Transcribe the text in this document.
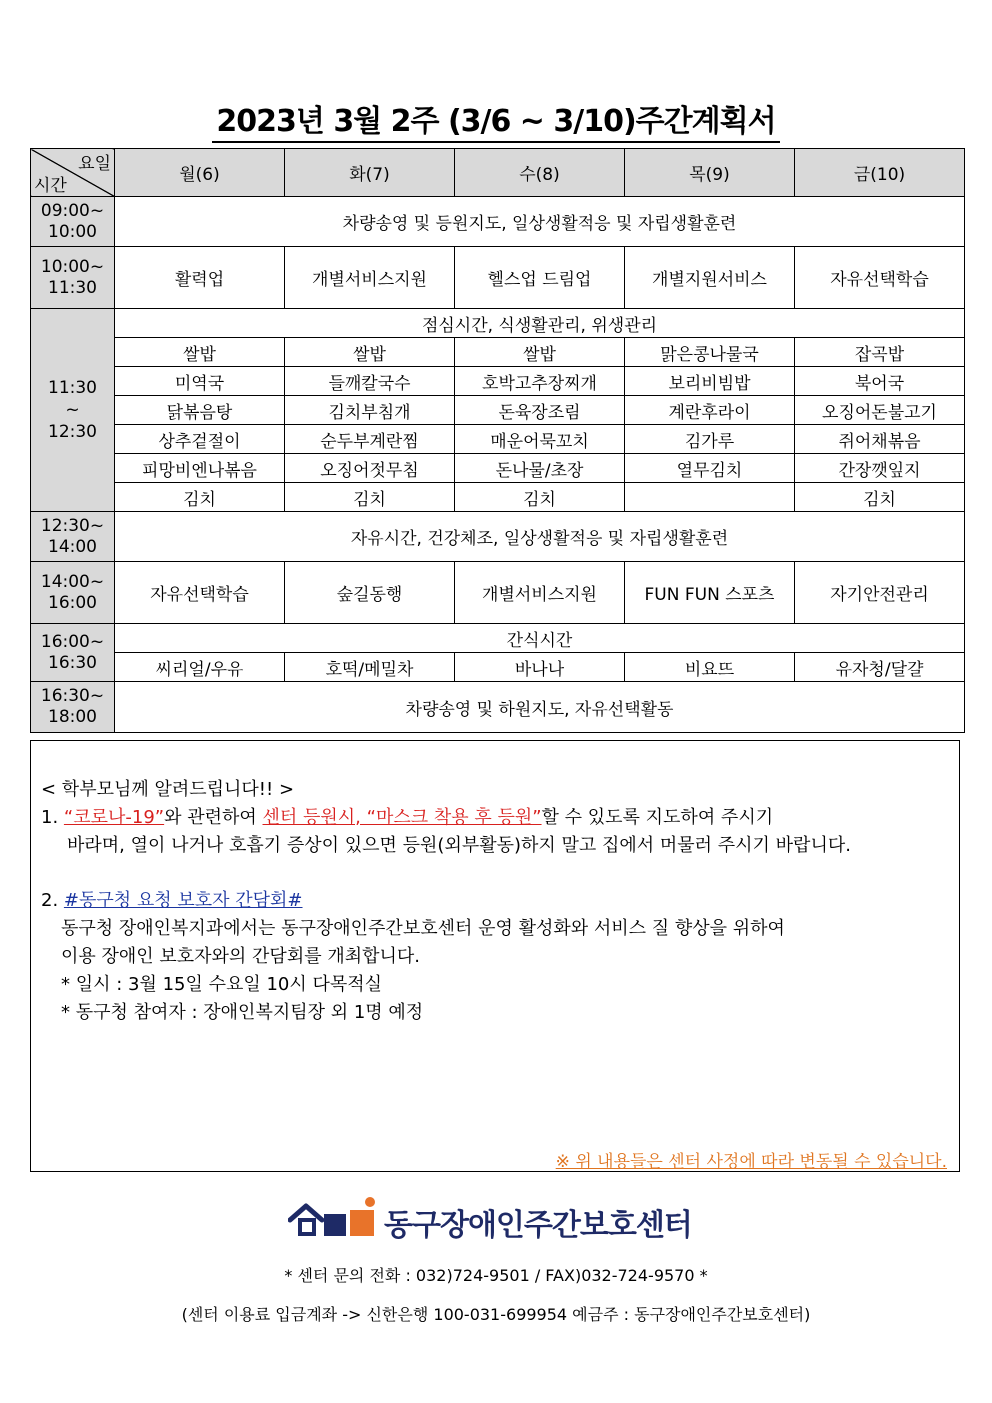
2023년 3월 2주 (3/6 ~ 3/10)주간계획서
요일
시간	월(6)	화(7)	수(8)	목(9)	금(10)

09:00~
10:00	차량송영 및 등원지도, 일상생활적응 및 자립생활훈련				

10:00~
11:30	활력업	개별서비스지원	헬스업 드림업	개별지원서비스	자유선택학습

11:30
~
12:30	점심시간, 식생활관리, 위생관리				
	쌀밥	쌀밥	쌀밥	맑은콩나물국	잡곡밥
	미역국	들깨칼국수	호박고추장찌개	보리비빔밥	북어국
	닭볶음탕	김치부침개	돈육장조림	계란후라이	오징어돈불고기
	상추겉절이	순두부계란찜	매운어묵꼬치	김가루	쥐어채볶음
	피망비엔나볶음	오징어젓무침	돈나물/초장	열무김치	간장깻잎지
	김치	김치	김치		김치

12:30~
14:00	자유시간, 건강체조, 일상생활적응 및 자립생활훈련				

14:00~
16:00	자유선택학습	숲길동행	개별서비스지원	FUN FUN 스포츠	자기안전관리

16:00~
16:30	간식시간				
	씨리얼/우유	호떡/메밀차	바나나	비요뜨	유자청/달걀

16:30~
18:00	차량송영 및 하원지도, 자유선택활동				
< 학부모님께 알려드립니다!! >
1. “코로나-19”와 관련하여 센터 등원시, “마스크 착용 후 등원”할 수 있도록 지도하여 주시기
바라며, 열이 나거나 호흡기 증상이 있으면 등원(외부활동)하지 말고 집에서 머물러 주시기 바랍니다.
2. #동구청 요청 보호자 간담회#
동구청 장애인복지과에서는 동구장애인주간보호센터 운영 활성화와 서비스 질 향상을 위하여
이용 장애인 보호자와의 간담회를 개최합니다.
* 일시 : 3월 15일 수요일 10시 다목적실
* 동구청 참여자 : 장애인복지팀장 외 1명 예정
※ 위 내용들은 센터 사정에 따라 변동될 수 있습니다.
동구장애인주간보호센터
* 센터 문의 전화 : 032)724-9501 / FAX)032-724-9570 *
(센터 이용료 입금계좌 -> 신한은행 100-031-699954 예금주 : 동구장애인주간보호센터)
